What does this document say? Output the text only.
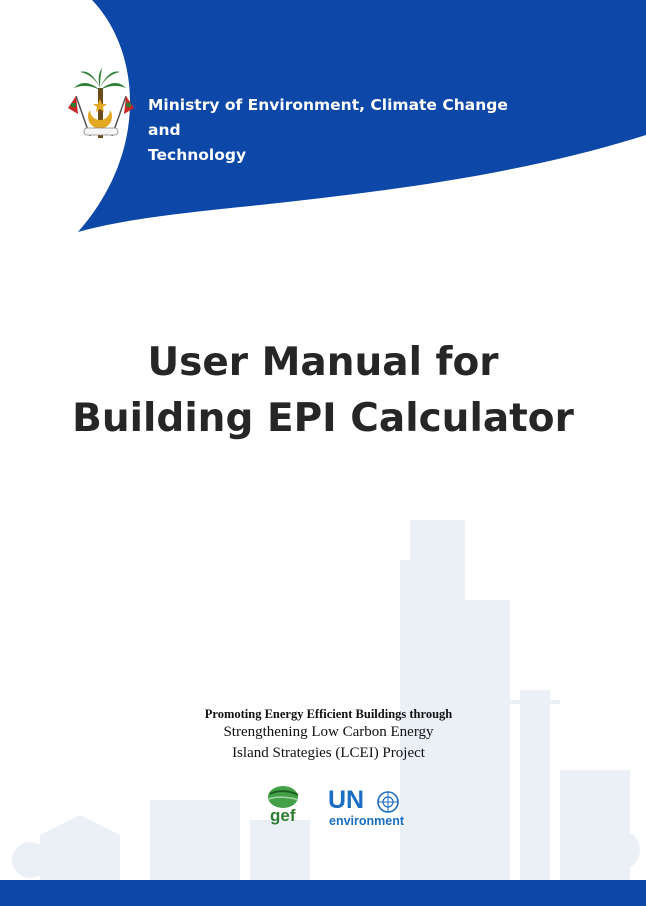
Ministry of Environment, Climate Change and
Technology
User Manual for
Building EPI Calculator
Promoting Energy Efficient Buildings through
Strengthening Low Carbon Energy
Island Strategies (LCEI) Project
gef
UN
environment
